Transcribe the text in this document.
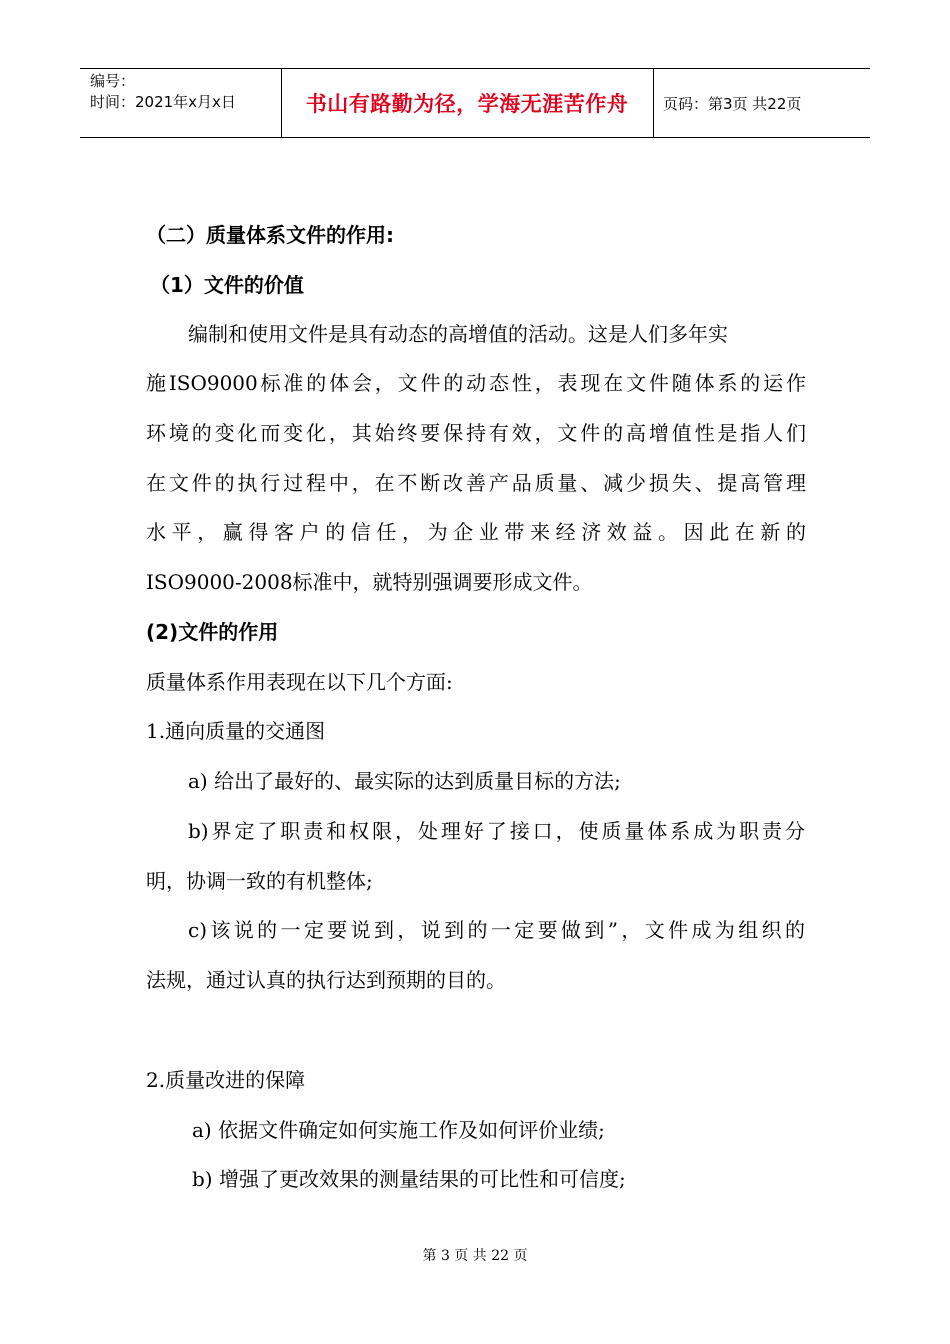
编号：
时间：2021年x月x日	书山有路勤为径，学海无涯苦作舟	页码：第3页 共22页
（二）质量体系文件的作用:
（1）文件的价值
编制和使用文件是具有动态的高增值的活动。这是人们多年实
施ISO9000标准的体会，文件的动态性，表现在文件随体系的运作
环境的变化而变化，其始终要保持有效，文件的高增值性是指人们
在文件的执行过程中，在不断改善产品质量、减少损失、提高管理
水平，赢得客户的信任，为企业带来经济效益。因此在新的
ISO9000-2008标准中，就特别强调要形成文件。
(2)文件的作用
质量体系作用表现在以下几个方面:
1.通向质量的交通图
a) 给出了最好的、最实际的达到质量目标的方法;
b)界定了职责和权限，处理好了接口，使质量体系成为职责分
明，协调一致的有机整体;
c)该说的一定要说到，说到的一定要做到”，文件成为组织的
法规，通过认真的执行达到预期的目的。
2.质量改进的保障
a) 依据文件确定如何实施工作及如何评价业绩;
b) 增强了更改效果的测量结果的可比性和可信度;
第 3 页 共 22 页
